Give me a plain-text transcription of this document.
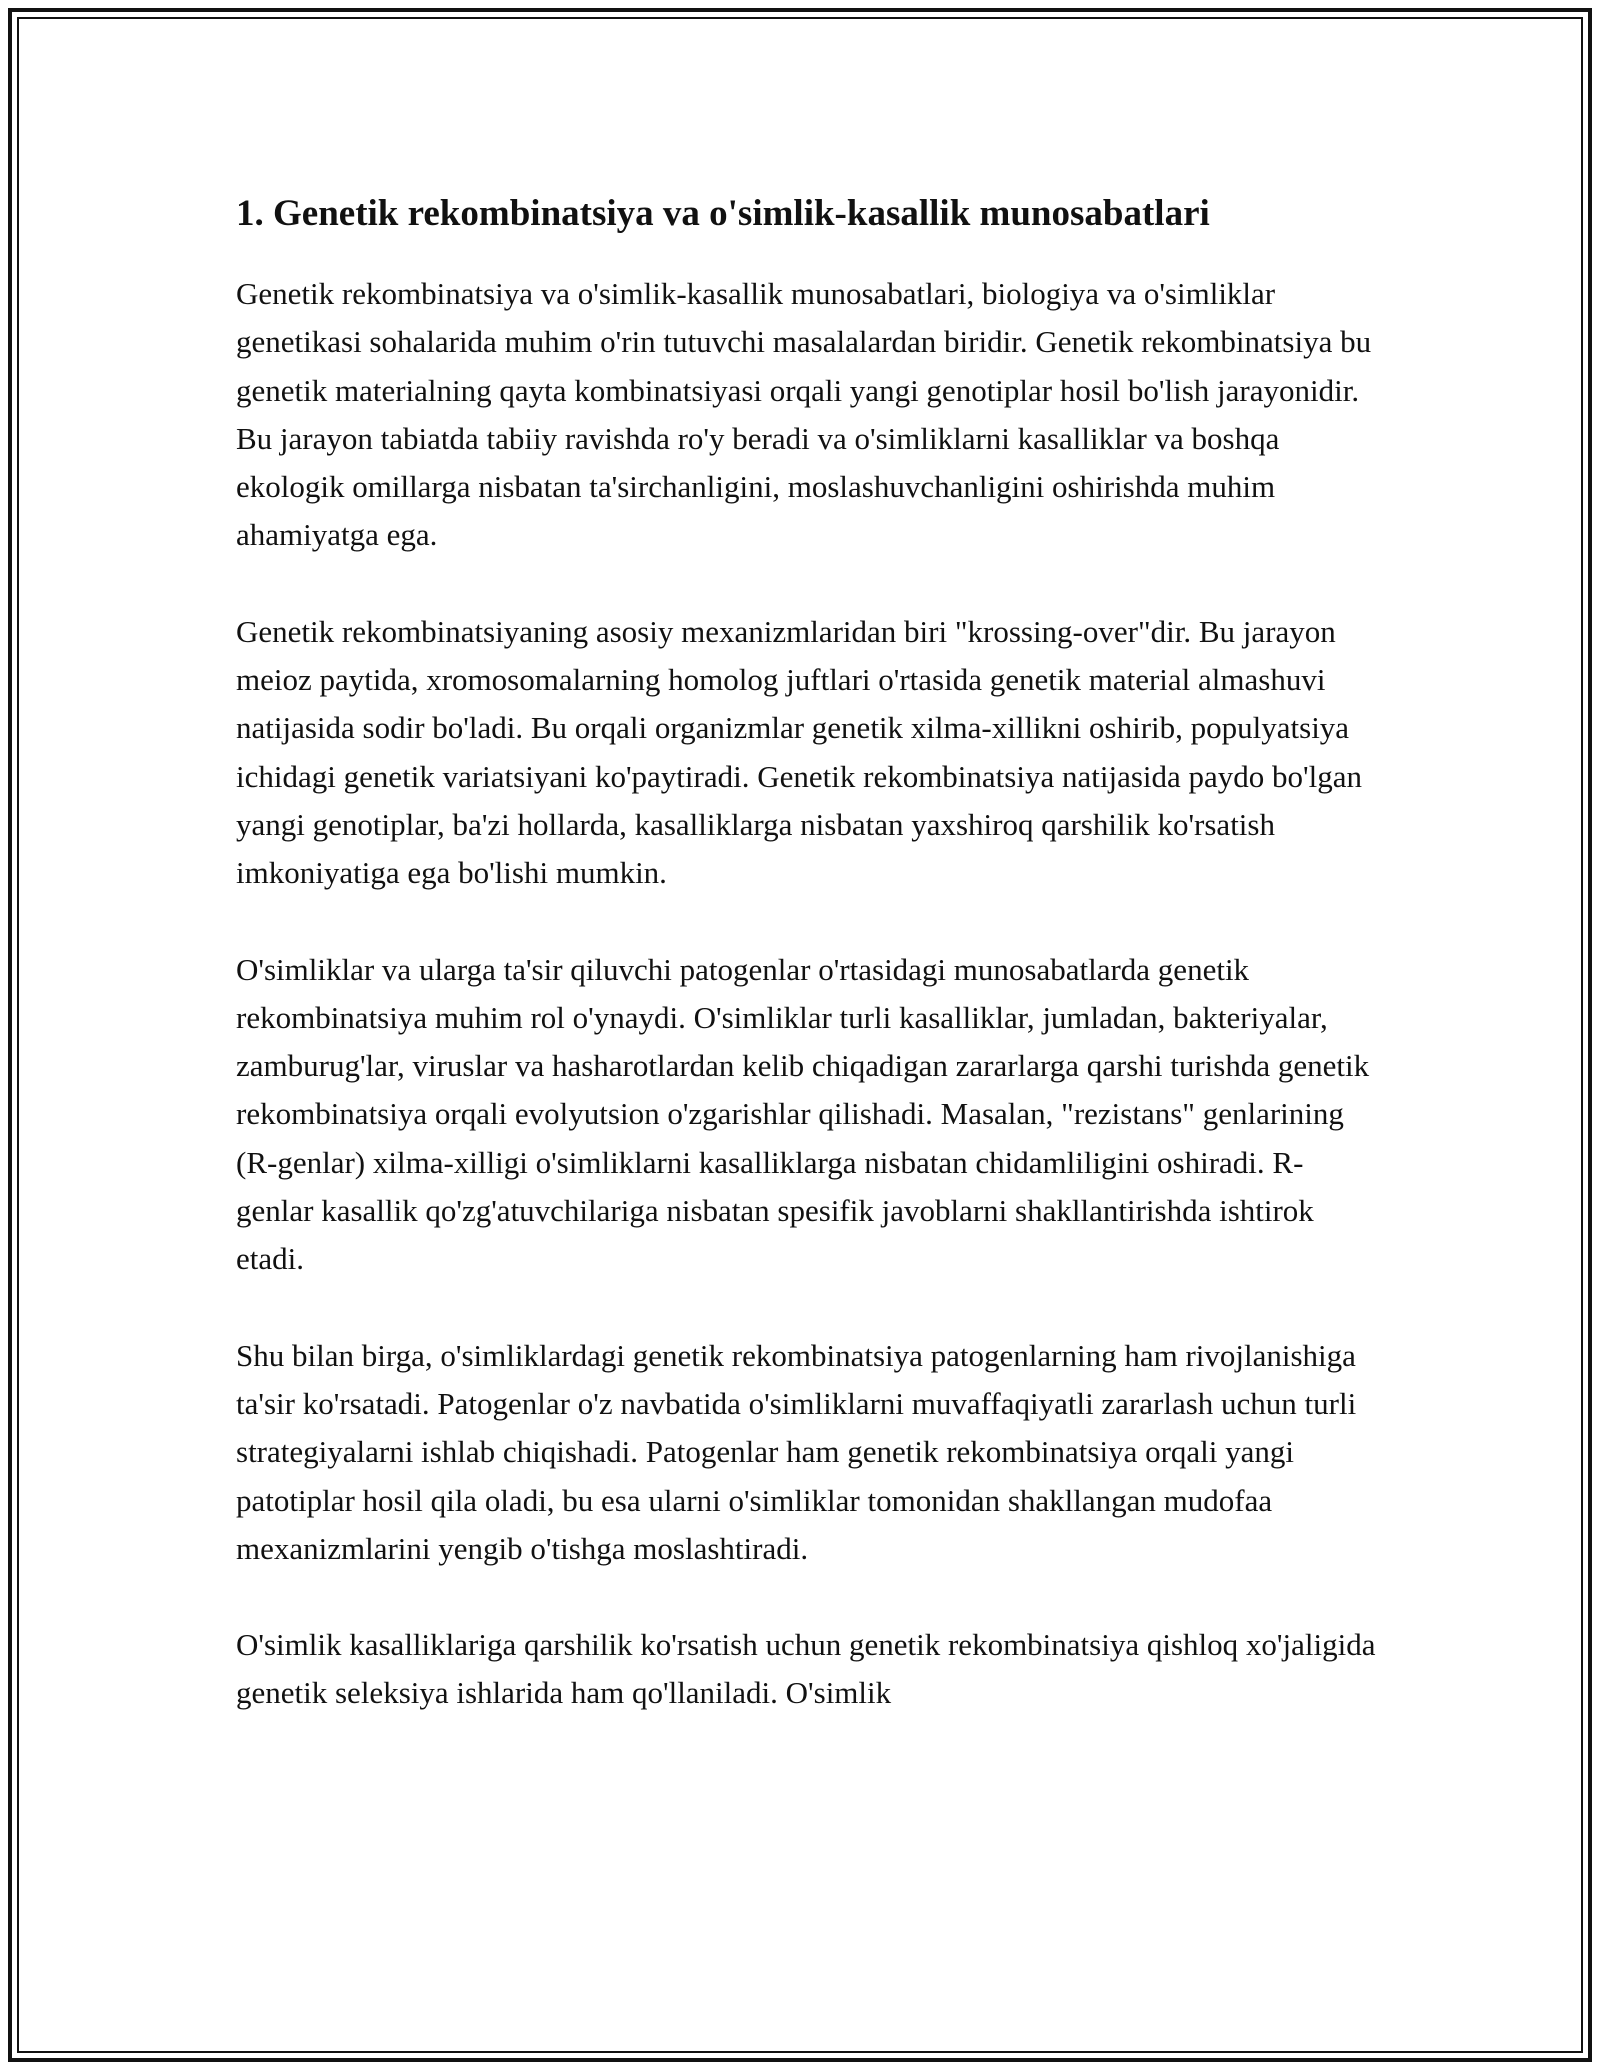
1. Genetik rekombinatsiya va o'simlik-kasallik munosabatlari

Genetik rekombinatsiya va o'simlik-kasallik munosabatlari, biologiya va o'simliklar genetikasi sohalarida muhim o'rin tutuvchi masalalardan biridir. Genetik rekombinatsiya bu genetik materialning qayta kombinatsiyasi orqali yangi genotiplar hosil bo'lish jarayonidir. Bu jarayon tabiatda tabiiy ravishda ro'y beradi va o'simliklarni kasalliklar va boshqa ekologik omillarga nisbatan ta'sirchanligini, moslashuvchanligini oshirishda muhim ahamiyatga ega.

Genetik rekombinatsiyaning asosiy mexanizmlaridan biri "krossing-over"dir. Bu jarayon meioz paytida, xromosomalarning homolog juftlari o'rtasida genetik material almashuvi natijasida sodir bo'ladi. Bu orqali organizmlar genetik xilma-xillikni oshirib, populyatsiya ichidagi genetik variatsiyani ko'paytiradi. Genetik rekombinatsiya natijasida paydo bo'lgan yangi genotiplar, ba'zi hollarda, kasalliklarga nisbatan yaxshiroq qarshilik ko'rsatish imkoniyatiga ega bo'lishi mumkin.

O'simliklar va ularga ta'sir qiluvchi patogenlar o'rtasidagi munosabatlarda genetik rekombinatsiya muhim rol o'ynaydi. O'simliklar turli kasalliklar, jumladan, bakteriyalar, zamburug'lar, viruslar va hasharotlardan kelib chiqadigan zararlarga qarshi turishda genetik rekombinatsiya orqali evolyutsion o'zgarishlar qilishadi. Masalan, "rezistans" genlarining (R-genlar) xilma-xilligi o'simliklarni kasalliklarga nisbatan chidamliligini oshiradi. R-genlar kasallik qo'zg'atuvchilariga nisbatan spesifik javoblarni shakllantirishda ishtirok etadi.

Shu bilan birga, o'simliklardagi genetik rekombinatsiya patogenlarning ham rivojlanishiga ta'sir ko'rsatadi. Patogenlar o'z navbatida o'simliklarni muvaffaqiyatli zararlash uchun turli strategiyalarni ishlab chiqishadi. Patogenlar ham genetik rekombinatsiya orqali yangi patotiplar hosil qila oladi, bu esa ularni o'simliklar tomonidan shakllangan mudofaa mexanizmlarini yengib o'tishga moslashtiradi.

O'simlik kasalliklariga qarshilik ko'rsatish uchun genetik rekombinatsiya qishloq xo'jaligida genetik seleksiya ishlarida ham qo'llaniladi. O'simlik
